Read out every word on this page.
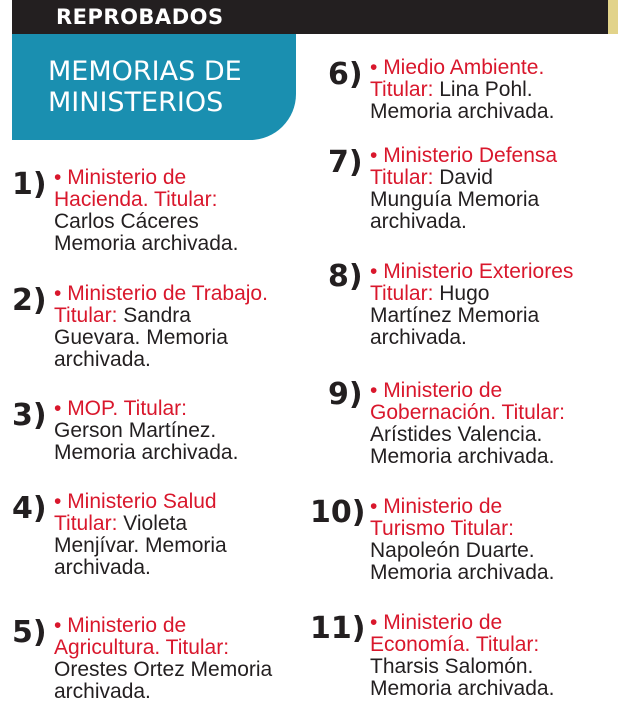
REPROBADOS
MEMORIAS DE
MINISTERIOS
1) • Ministerio de
Hacienda. Titular:
Carlos Cáceres
Memoria archivada.
2) • Ministerio de Trabajo.
Titular: Sandra
Guevara. Memoria
archivada.
3) • MOP. Titular:
Gerson Martínez.
Memoria archivada.
4) • Ministerio Salud
Titular: Violeta
Menjívar. Memoria
archivada.
5) • Ministerio de
Agricultura. Titular:
Orestes Ortez Memoria
archivada.
6) • Miedio Ambiente.
Titular: Lina Pohl.
Memoria archivada.
7) • Ministerio Defensa
Titular: David
Munguía Memoria
archivada.
8) • Ministerio Exteriores
Titular: Hugo
Martínez Memoria
archivada.
9) • Ministerio de
Gobernación. Titular:
Arístides Valencia.
Memoria archivada.
10) • Ministerio de
Turismo Titular:
Napoleón Duarte.
Memoria archivada.
11) • Ministerio de
Economía. Titular:
Tharsis Salomón.
Memoria archivada.
